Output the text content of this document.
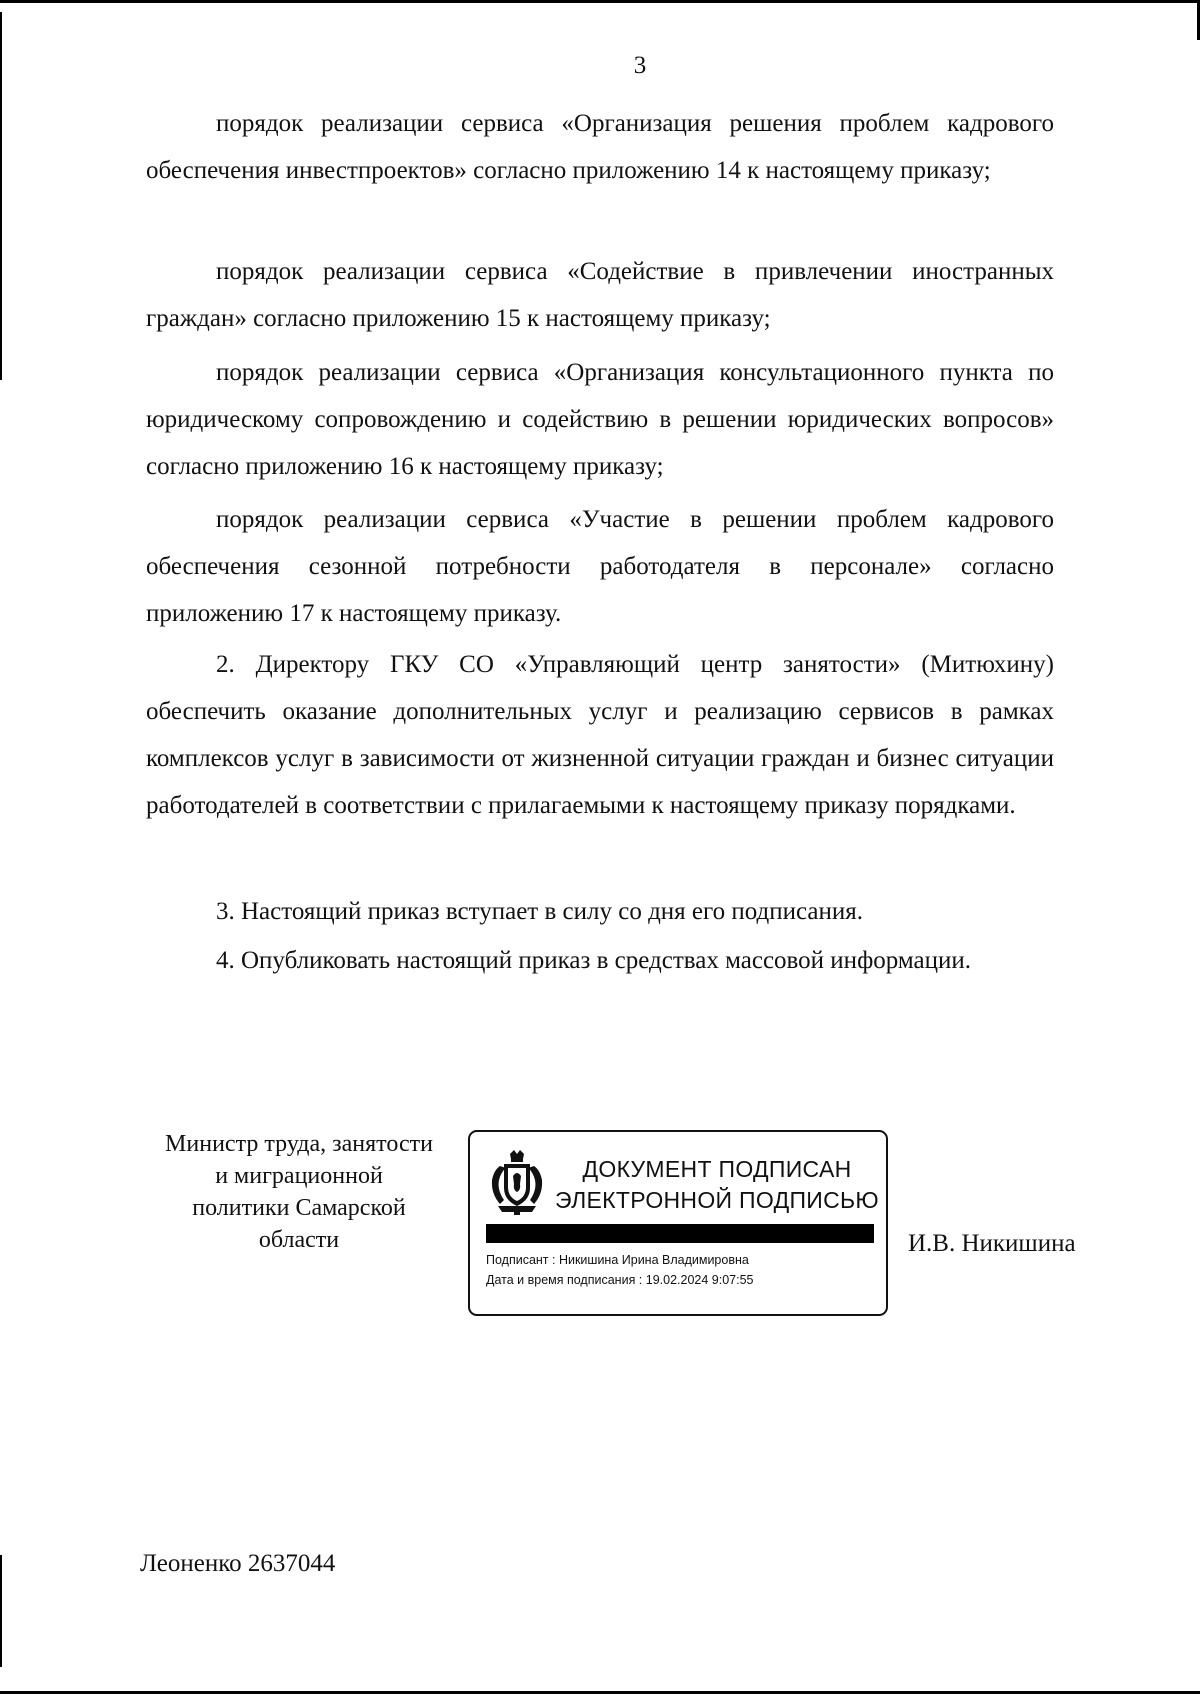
3

порядок реализации сервиса «Организация решения проблем кадрового обеспечения инвестпроектов» согласно приложению 14 к настоящему приказу;

порядок реализации сервиса «Содействие в привлечении иностранных граждан» согласно приложению 15 к настоящему приказу;

порядок реализации сервиса «Организация консультационного пункта по юридическому сопровождению и содействию в решении юридических вопросов» согласно приложению 16 к настоящему приказу;

порядок реализации сервиса «Участие в решении проблем кадрового обеспечения сезонной потребности работодателя в персонале» согласно приложению 17 к настоящему приказу.

2. Директору ГКУ СО «Управляющий центр занятости» (Митюхину) обеспечить оказание дополнительных услуг и реализацию сервисов в рамках комплексов услуг в зависимости от жизненной ситуации граждан и бизнес ситуации работодателей в соответствии с прилагаемыми к настоящему приказу порядками.

3. Настоящий приказ вступает в силу со дня его подписания.

4. Опубликовать настоящий приказ в средствах массовой информации.

Министр труда, занятости
и миграционной
политики Самарской
области
ДОКУМЕНТ ПОДПИСАН
ЭЛЕКТРОННОЙ ПОДПИСЬЮ
Подписант : Никишина Ирина Владимировна
Дата и время подписания : 19.02.2024 9:07:55
И.В. Никишина
Леоненко 2637044
